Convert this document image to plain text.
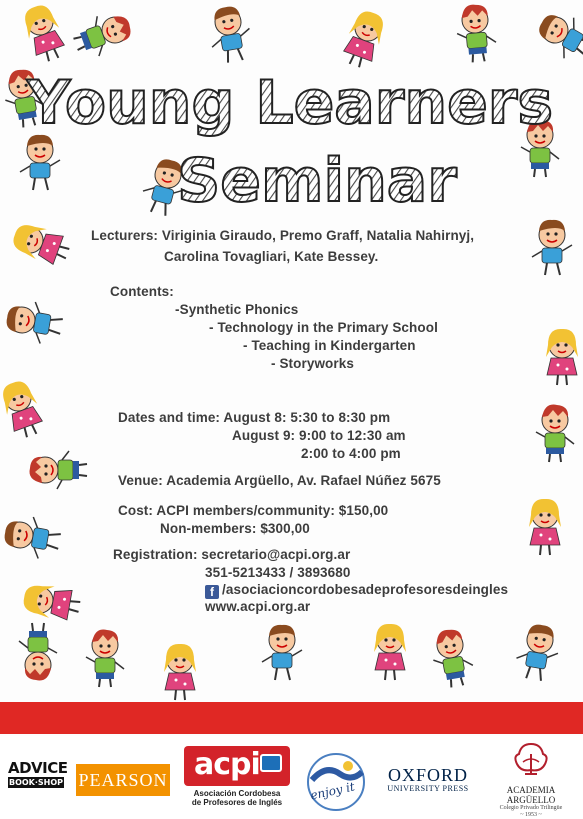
Young Learners
Seminar
Lecturers: Viriginia Giraudo, Premo Graff, Natalia Nahirnyj,
Carolina Tovagliari, Kate Bessey.
Contents:
-Synthetic Phonics
- Technology in the Primary School
- Teaching in Kindergarten
- Storyworks
Dates and time: August 8: 5:30 to 8:30 pm
August 9: 9:00 to 12:30 am
2:00 to 4:00 pm
Venue: Academia Argüello, Av. Rafael Núñez 5675
Cost: ACPI members/community: $150,00
Non-members: $300,00
Registration: secretario@acpi.org.ar
351-5213433 / 3893680
f /asociacioncordobesadeprofesoresdeingles
www.acpi.org.ar
ADVICE
BOOK·SHOP PEARSON acpi
Asociación Cordobesa
de Profesores de Inglés	enjoy it
OXFORD
UNIVERSITY PRESS	ACADEMIA ARGÜELLO
Colegio Privado Trilingüe
~ 1953 ~
